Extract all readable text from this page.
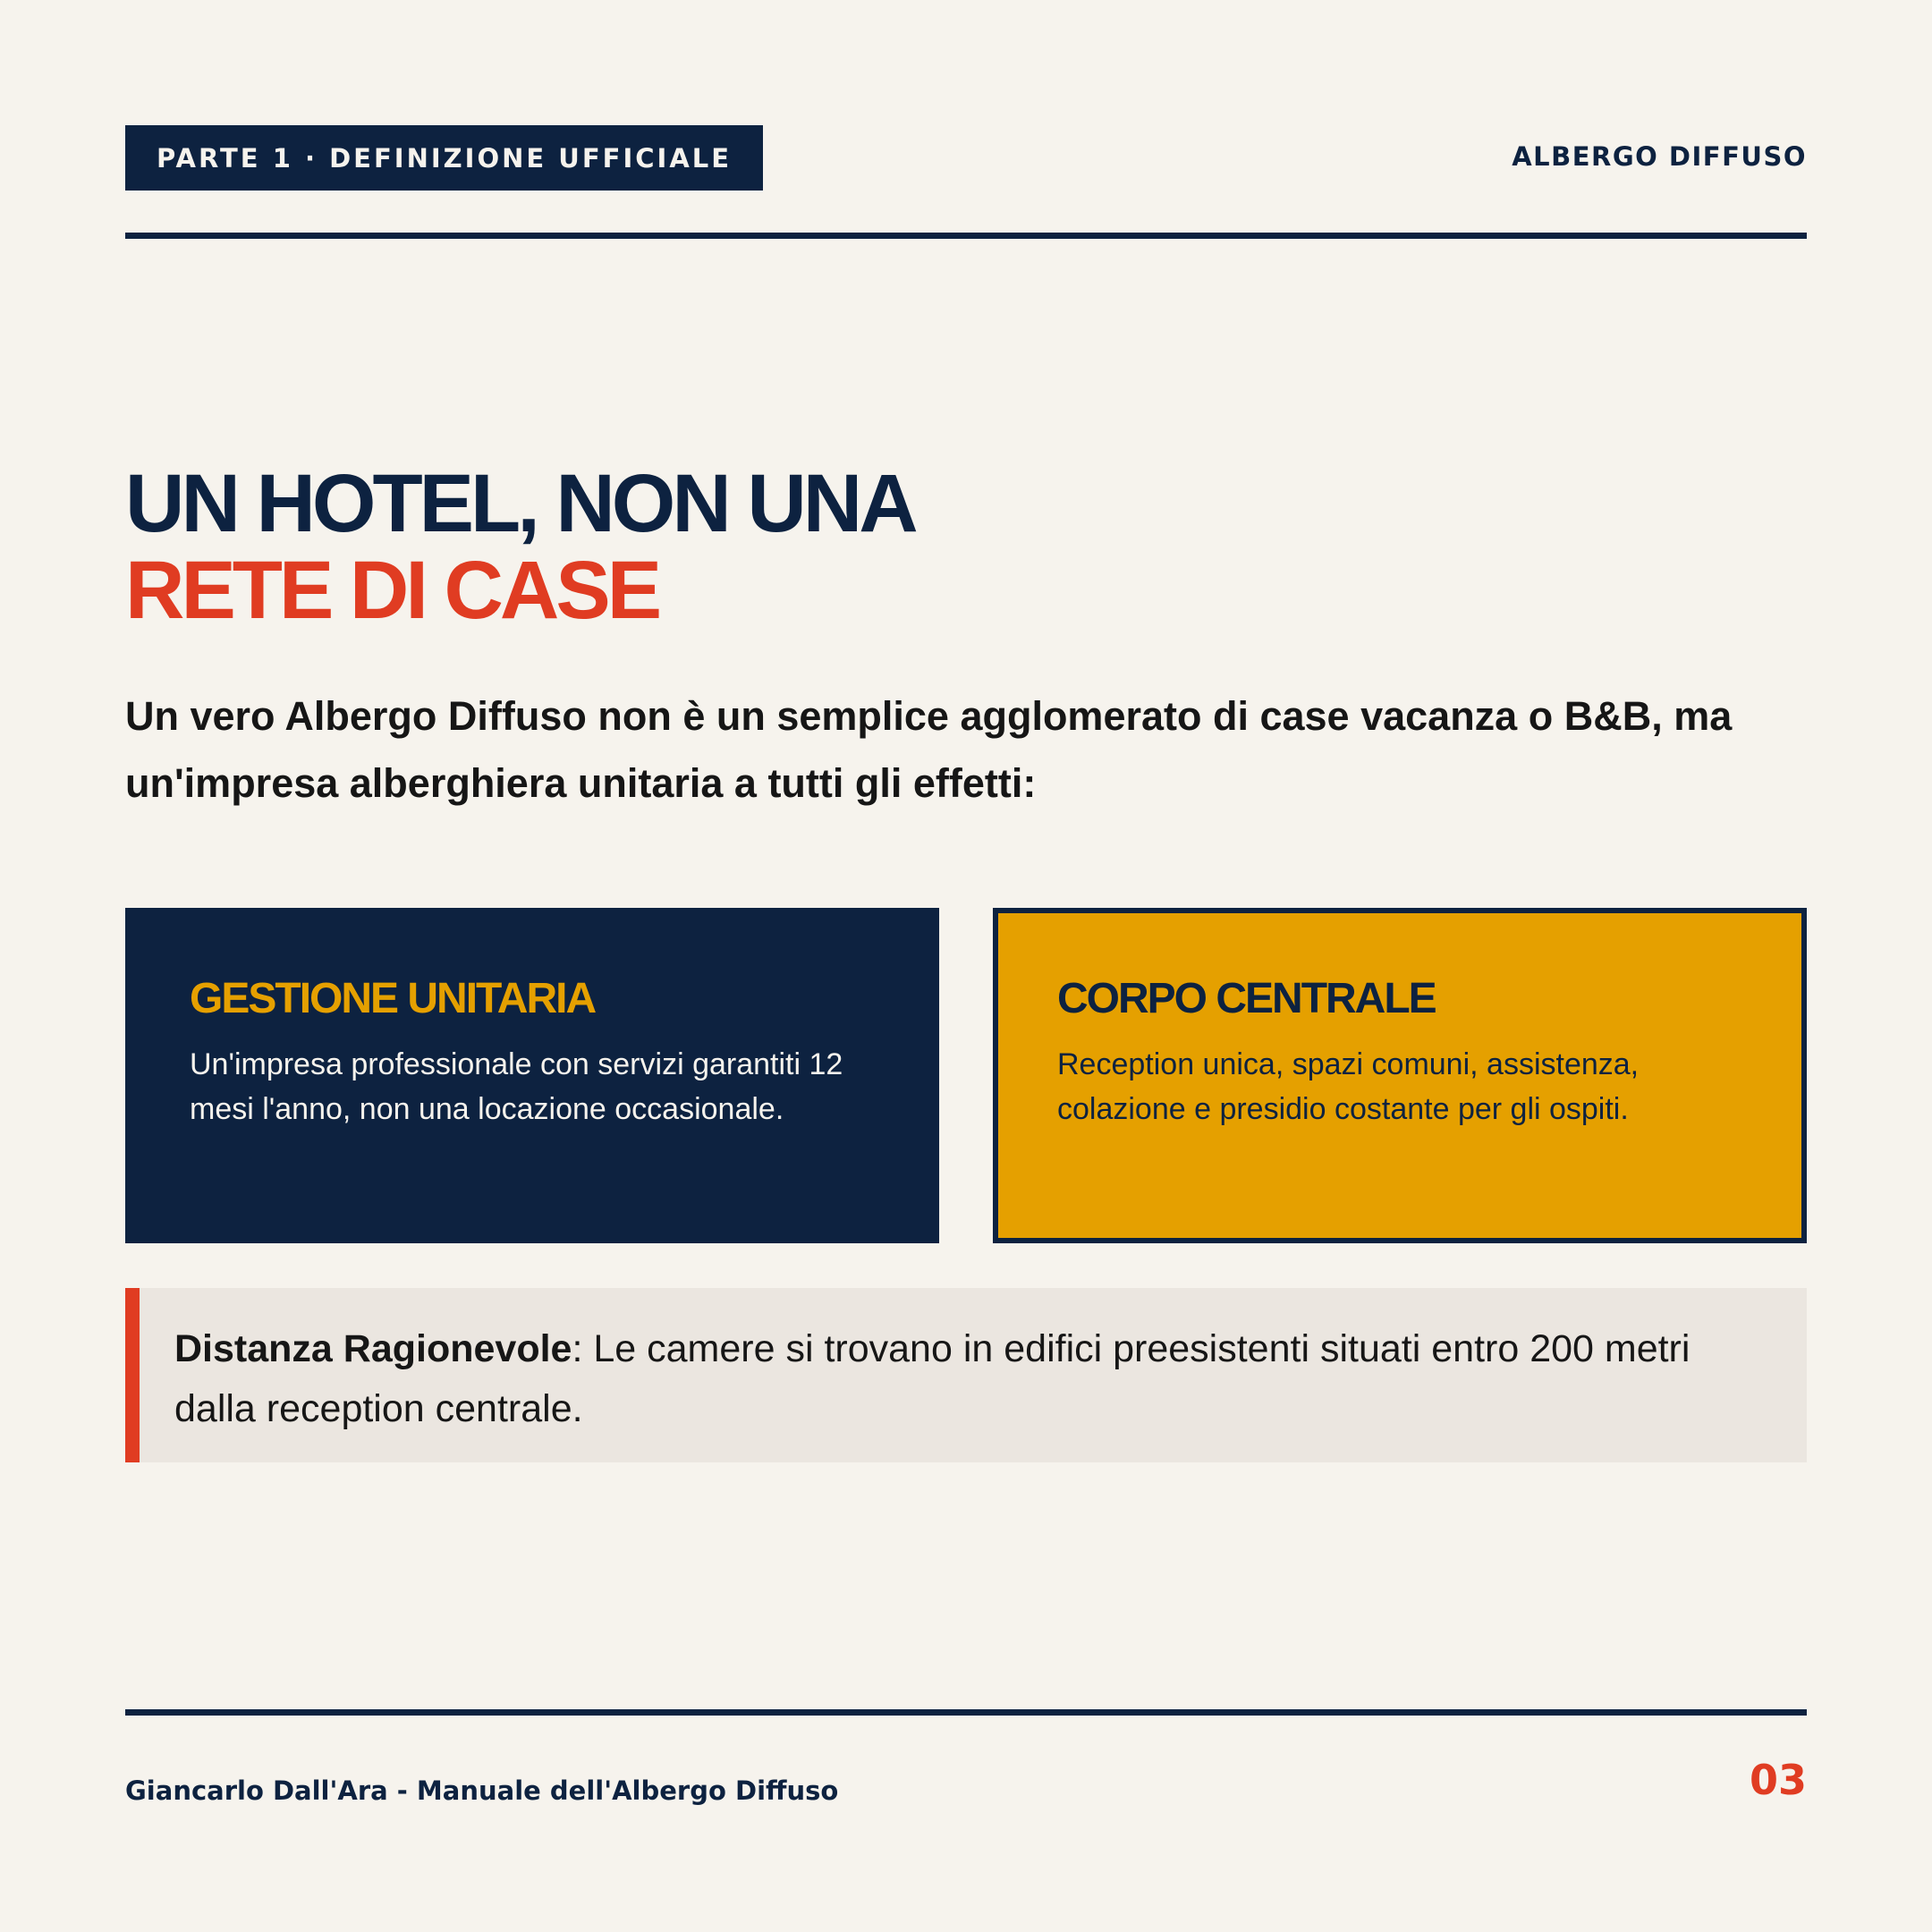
PARTE 1 · DEFINIZIONE UFFICIALE	ALBERGO DIFFUSO
UN HOTEL, NON UNA
RETE DI CASE

Un vero Albergo Diffuso non è un semplice agglomerato di case vacanza o B&B, ma un'impresa alberghiera unitaria a tutti gli effetti:

GESTIONE UNITARIA

Un'impresa professionale con servizi garantiti 12 mesi l'anno, non una locazione occasionale.

CORPO CENTRALE

Reception unica, spazi comuni, assistenza, colazione e presidio costante per gli ospiti.

Distanza Ragionevole: Le camere si trovano in edifici preesistenti situati entro 200 metri dalla reception centrale.

Giancarlo Dall'Ara - Manuale dell'Albergo Diffuso	03
